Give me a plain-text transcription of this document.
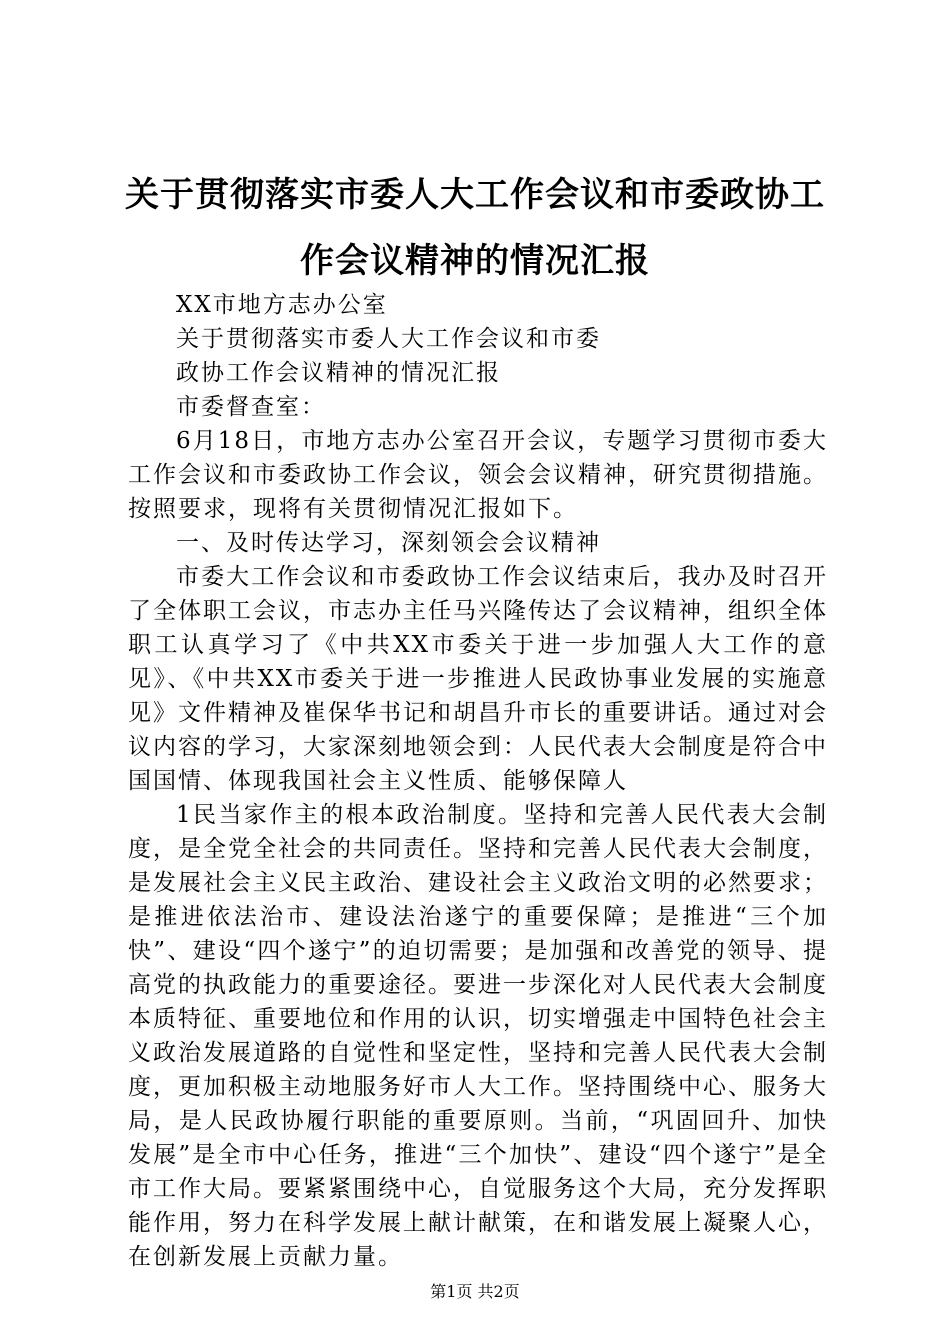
关于贯彻落实市委人大工作会议和市委政协工作会议精神的情况汇报

XX市地方志办公室

关于贯彻落实市委人大工作会议和市委

政协工作会议精神的情况汇报

市委督查室：

6月18日，市地方志办公室召开会议，专题学习贯彻市委大工作会议和市委政协工作会议，领会会议精神，研究贯彻措施。按照要求，现将有关贯彻情况汇报如下。

一、及时传达学习，深刻领会会议精神

市委大工作会议和市委政协工作会议结束后，我办及时召开了全体职工会议，市志办主任马兴隆传达了会议精神，组织全体职工认真学习了《中共XX市委关于进一步加强人大工作的意见》、《中共XX市委关于进一步推进人民政协事业发展的实施意见》文件精神及崔保华书记和胡昌升市长的重要讲话。通过对会议内容的学习，大家深刻地领会到：人民代表大会制度是符合中国国情、体现我国社会主义性质、能够保障人

1民当家作主的根本政治制度。坚持和完善人民代表大会制度，是全党全社会的共同责任。坚持和完善人民代表大会制度，是发展社会主义民主政治、建设社会主义政治文明的必然要求；是推进依法治市、建设法治遂宁的重要保障；是推进“三个加快”、建设“四个遂宁”的迫切需要；是加强和改善党的领导、提高党的执政能力的重要途径。要进一步深化对人民代表大会制度本质特征、重要地位和作用的认识，切实增强走中国特色社会主义政治发展道路的自觉性和坚定性，坚持和完善人民代表大会制度，更加积极主动地服务好市人大工作。坚持围绕中心、服务大局，是人民政协履行职能的重要原则。当前，“巩固回升、加快发展”是全市中心任务，推进“三个加快”、建设“四个遂宁”是全市工作大局。要紧紧围绕中心，自觉服务这个大局，充分发挥职能作用，努力在科学发展上献计献策，在和谐发展上凝聚人心，在创新发展上贡献力量。

第1页 共2页
